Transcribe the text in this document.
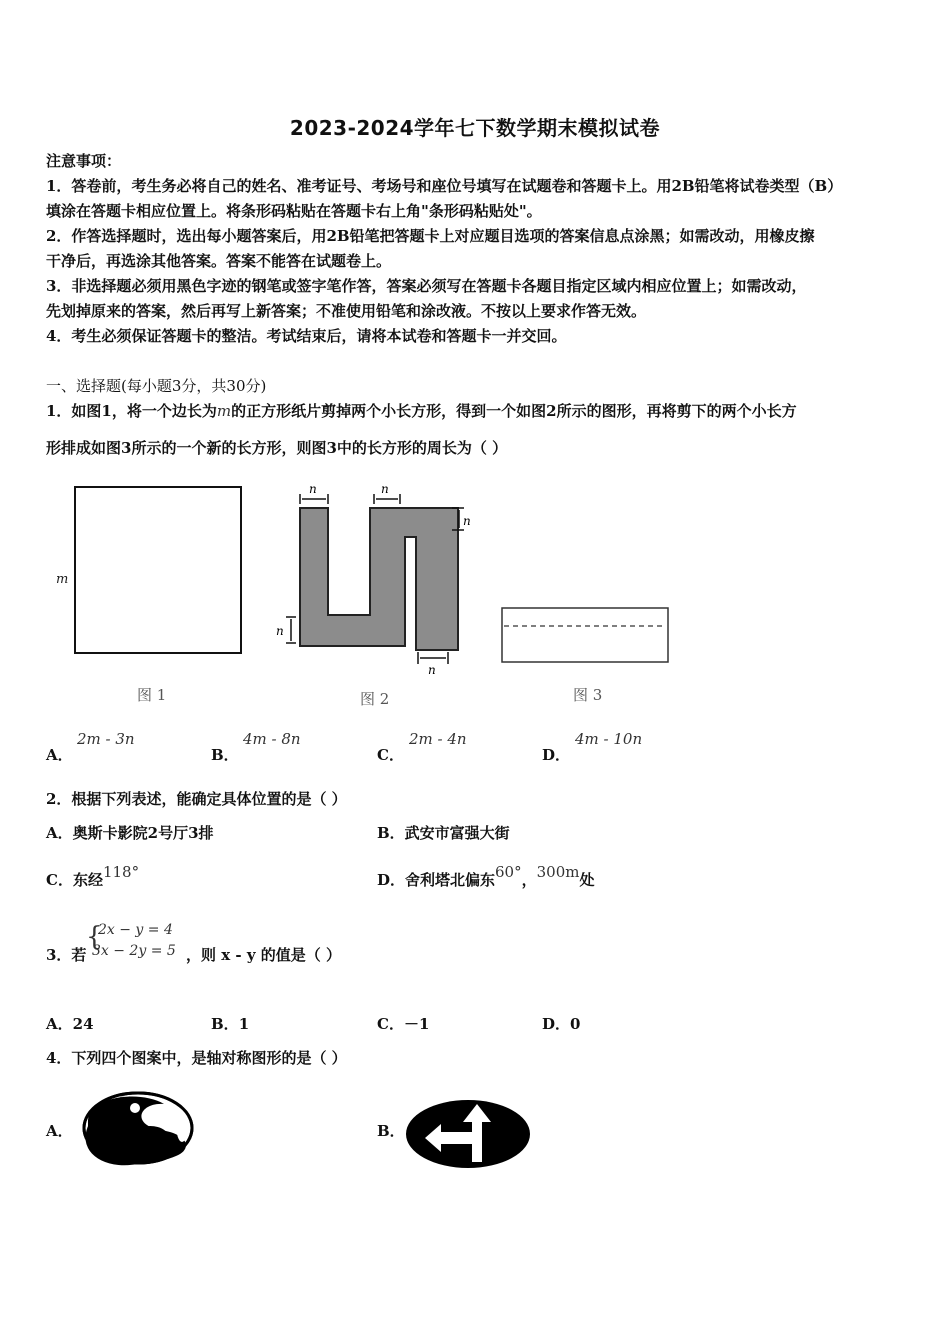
2023-2024学年七下数学期末模拟试卷
注意事项：
1．答卷前，考生务必将自己的姓名、准考证号、考场号和座位号填写在试题卷和答题卡上。用2B铅笔将试卷类型（B）
填涂在答题卡相应位置上。将条形码粘贴在答题卡右上角"条形码粘贴处"。
2．作答选择题时，选出每小题答案后，用2B铅笔把答题卡上对应题目选项的答案信息点涂黑；如需改动，用橡皮擦
干净后，再选涂其他答案。答案不能答在试题卷上。
3．非选择题必须用黑色字迹的钢笔或签字笔作答，答案必须写在答题卡各题目指定区域内相应位置上；如需改动，
先划掉原来的答案，然后再写上新答案；不准使用铅笔和涂改液。不按以上要求作答无效。
4．考生必须保证答题卡的整洁。考试结束后，请将本试卷和答题卡一并交回。
一、选择题(每小题3分，共30分)
1．如图1，将一个边长为m的正方形纸片剪掉两个小长方形，得到一个如图2所示的图形，再将剪下的两个小长方
形排成如图3所示的一个新的长方形，则图3中的长方形的周长为（ ）
m
n	n
n
n
n
图 1	图 2	图 3
A．
2m - 3n
B．
4m - 8n
C．
2m - 4n
D．
4m - 10n
2．根据下列表述，能确定具体位置的是（ ）
A．奥斯卡影院2号厅3排	B．武安市富强大街
C．东经118°	D．舍利塔北偏东60°，300m处
3．若
{
2x − y = 4
3x − 2y = 5 ，则 x - y 的值是（ ）
A．24	B．1	C．－1	D．0
4．下列四个图案中，是轴对称图形的是（ ）
A．	B．
